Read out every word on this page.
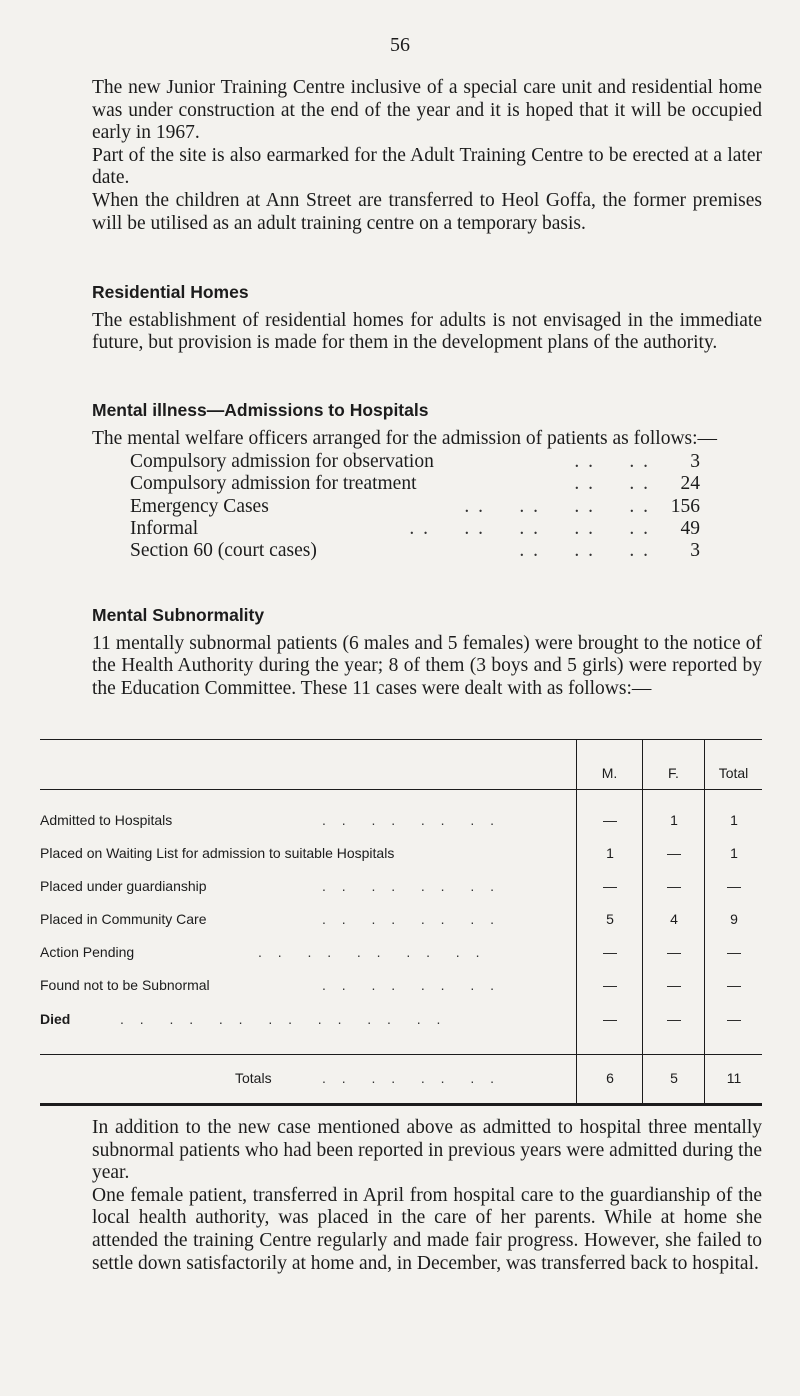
56

The new Junior Training Centre inclusive of a special care unit and residential home was under construction at the end of the year and it is hoped that it will be occupied early in 1967.

Part of the site is also earmarked for the Adult Training Centre to be erected at a later date.

When the children at Ann Street are transferred to Heol Goffa, the former premises will be utilised as an adult training centre on a temporary basis.

Residential Homes

The establishment of residential homes for adults is not envisaged in the immediate future, but provision is made for them in the development plans of the authority.

Mental illness—Admissions to Hospitals

The mental welfare officers arranged for the admission of patients as follows:—

Compulsory admission for observation	. .     . .	3
Compulsory admission for treatment	. .     . .	24
Emergency Cases	. .     . .     . .     . .	156
Informal	. .     . .     . .     . .     . .	49
Section 60 (court cases)	. .     . .     . .	3
Mental Subnormality

11 mentally subnormal patients (6 males and 5 females) were brought to the notice of the Health Authority during the year; 8 of them (3 boys and 5 girls) were reported by the Education Committee. These 11 cases were dealt with as follows:—

M.	F.	Total
Admitted to Hospitals	. .  . .  . .  . .	—	1	1
Placed on Waiting List for admission to suitable Hospitals	1	—	1
Placed under guardianship	. .  . .  . .  . .	—	—	—
Placed in Community Care	. .  . .  . .  . .	5	4	9
Action Pending	. .  . .  . .  . .  . .	—	—	—
Found not to be Subnormal	. .  . .  . .  . .	—	—	—
Died	. .  . .  . .  . .  . .  . .  . .	—	—	—
Totals	. .  . .  . .  . .	6	5	11

In addition to the new case mentioned above as admitted to hospital three mentally subnormal patients who had been reported in previous years were admitted during the year.

One female patient, transferred in April from hospital care to the guardianship of the local health authority, was placed in the care of her parents. While at home she attended the training Centre regularly and made fair progress. However, she failed to settle down satisfactorily at home and, in December, was transferred back to hospital.
